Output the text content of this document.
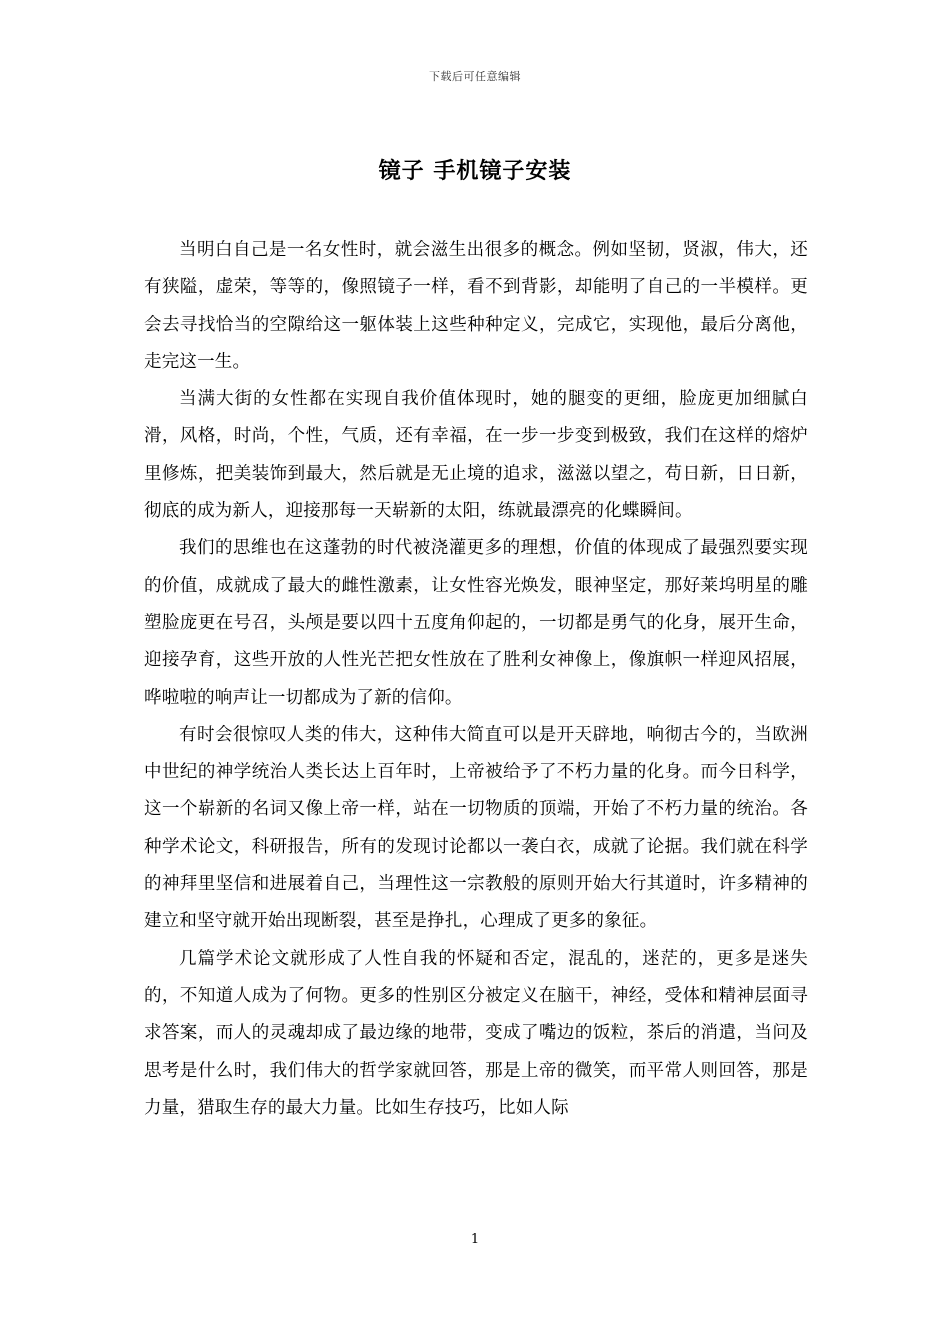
下载后可任意编辑
镜子 手机镜子安装

当明白自己是一名女性时，就会滋生出很多的概念。例如坚韧，贤淑，伟大，还有狭隘，虚荣，等等的，像照镜子一样，看不到背影，却能明了自己的一半模样。更会去寻找恰当的空隙给这一躯体装上这些种种定义，完成它，实现他，最后分离他，走完这一生。

当满大街的女性都在实现自我价值体现时，她的腿变的更细，脸庞更加细腻白滑，风格，时尚，个性，气质，还有幸福，在一步一步变到极致，我们在这样的熔炉里修炼，把美装饰到最大，然后就是无止境的追求，滋滋以望之，苟日新，日日新，彻底的成为新人，迎接那每一天崭新的太阳，练就最漂亮的化蝶瞬间。

我们的思维也在这蓬勃的时代被浇灌更多的理想，价值的体现成了最强烈要实现的价值，成就成了最大的雌性激素，让女性容光焕发，眼神坚定，那好莱坞明星的雕塑脸庞更在号召，头颅是要以四十五度角仰起的，一切都是勇气的化身，展开生命，迎接孕育，这些开放的人性光芒把女性放在了胜利女神像上，像旗帜一样迎风招展，哗啦啦的响声让一切都成为了新的信仰。

有时会很惊叹人类的伟大，这种伟大简直可以是开天辟地，响彻古今的，当欧洲中世纪的神学统治人类长达上百年时，上帝被给予了不朽力量的化身。而今日科学，这一个崭新的名词又像上帝一样，站在一切物质的顶端，开始了不朽力量的统治。各种学术论文，科研报告，所有的发现讨论都以一袭白衣，成就了论据。我们就在科学的神拜里坚信和进展着自己，当理性这一宗教般的原则开始大行其道时，许多精神的建立和坚守就开始出现断裂，甚至是挣扎，心理成了更多的象征。

几篇学术论文就形成了人性自我的怀疑和否定，混乱的，迷茫的，更多是迷失的，不知道人成为了何物。更多的性别区分被定义在脑干，神经，受体和精神层面寻求答案，而人的灵魂却成了最边缘的地带，变成了嘴边的饭粒，茶后的消遣，当问及思考是什么时，我们伟大的哲学家就回答，那是上帝的微笑，而平常人则回答，那是力量，猎取生存的最大力量。比如生存技巧，比如人际

1
